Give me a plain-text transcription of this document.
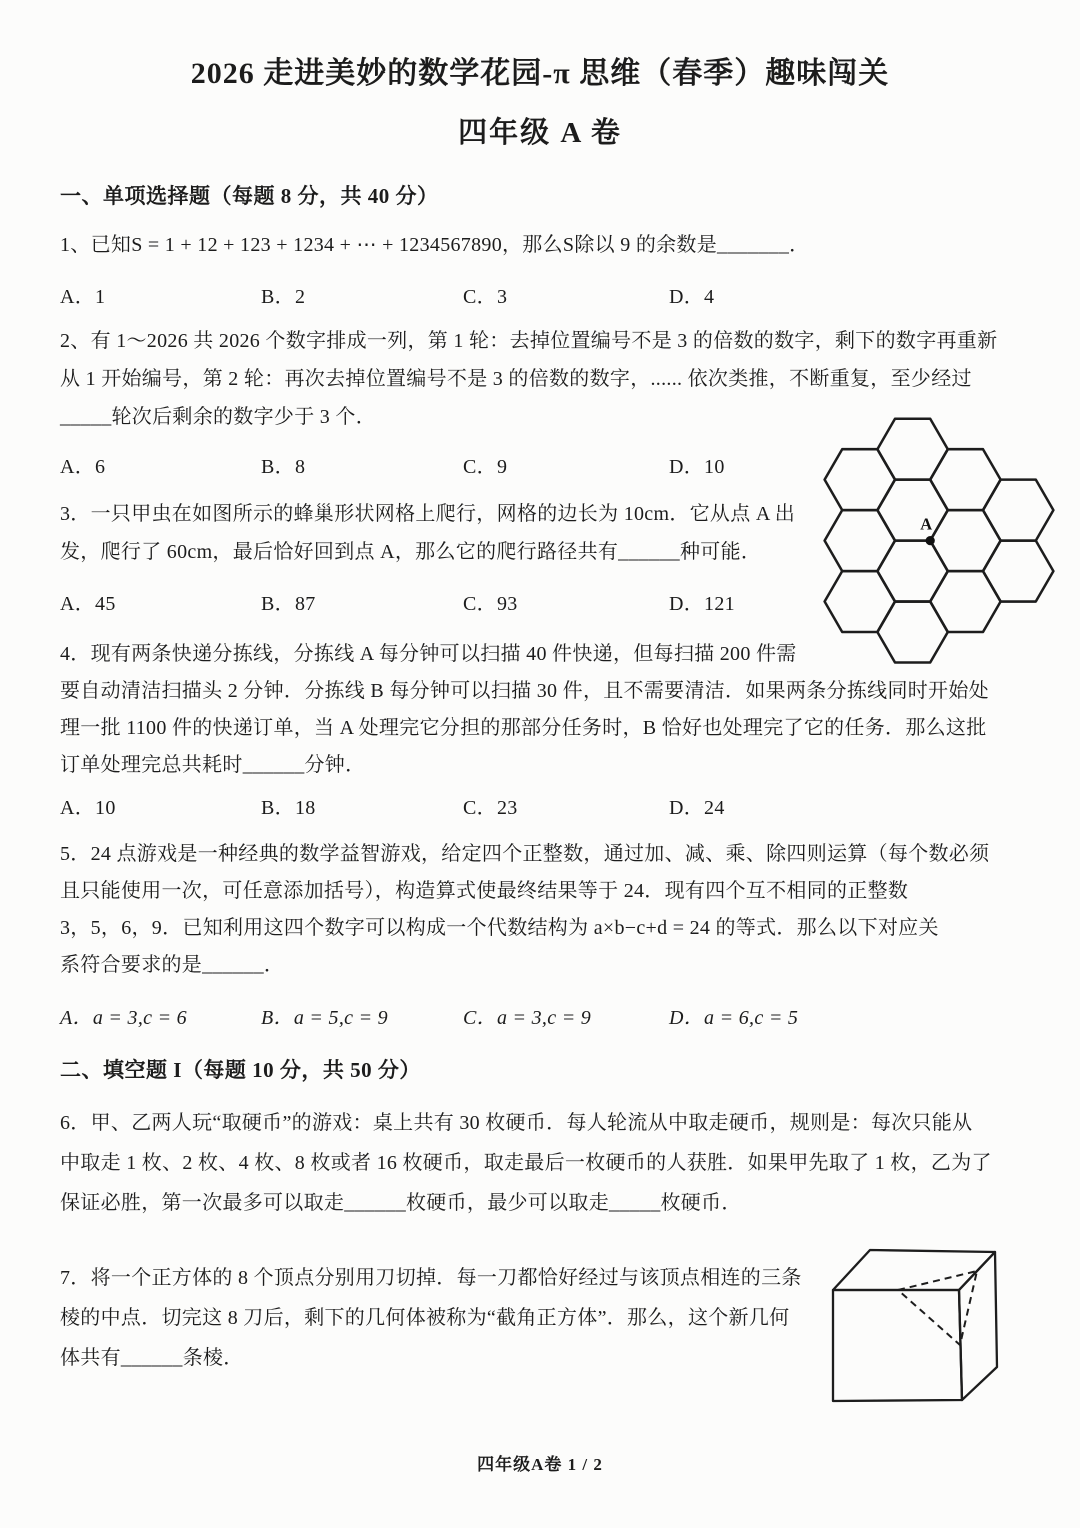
2026 走进美妙的数学花园-π 思维（春季）趣味闯关
四年级 A 卷
一、单项选择题（每题 8 分，共 40 分）
1、已知S = 1 + 12 + 123 + 1234 + ⋯ + 1234567890，那么S除以 9 的余数是_______．
A．1	B．2	C．3	D．4
2、有 1～2026 共 2026 个数字排成一列，第 1 轮：去掉位置编号不是 3 的倍数的数字，剩下的数字再重新
从 1 开始编号，第 2 轮：再次去掉位置编号不是 3 的倍数的数字，...... 依次类推，不断重复，至少经过
_____轮次后剩余的数字少于 3 个．
A．6	B．8	C．9	D．10
A
3．一只甲虫在如图所示的蜂巢形状网格上爬行，网格的边长为 10cm．它从点 A 出
发，爬行了 60cm，最后恰好回到点 A，那么它的爬行路径共有______种可能．
A．45	B．87	C．93	D．121
4．现有两条快递分拣线，分拣线 A 每分钟可以扫描 40 件快递，但每扫描 200 件需
要自动清洁扫描头 2 分钟．分拣线 B 每分钟可以扫描 30 件，且不需要清洁．如果两条分拣线同时开始处
理一批 1100 件的快递订单，当 A 处理完它分担的那部分任务时，B 恰好也处理完了它的任务．那么这批
订单处理完总共耗时______分钟．
A．10	B．18	C．23	D．24
5．24 点游戏是一种经典的数学益智游戏，给定四个正整数，通过加、减、乘、除四则运算（每个数必须
且只能使用一次，可任意添加括号），构造算式使最终结果等于 24．现有四个互不相同的正整数
3，5，6，9．已知利用这四个数字可以构成一个代数结构为 a×b−c+d = 24 的等式．那么以下对应关
系符合要求的是______．
A．a = 3,c = 6	B．a = 5,c = 9	C．a = 3,c = 9	D．a = 6,c = 5
二、填空题 I（每题 10 分，共 50 分）
6．甲、乙两人玩“取硬币”的游戏：桌上共有 30 枚硬币．每人轮流从中取走硬币，规则是：每次只能从
中取走 1 枚、2 枚、4 枚、8 枚或者 16 枚硬币，取走最后一枚硬币的人获胜．如果甲先取了 1 枚，乙为了
保证必胜，第一次最多可以取走______枚硬币，最少可以取走_____枚硬币．
7．将一个正方体的 8 个顶点分别用刀切掉．每一刀都恰好经过与该顶点相连的三条
棱的中点．切完这 8 刀后，剩下的几何体被称为“截角正方体”．那么，这个新几何
体共有______条棱．
四年级A卷 1 / 2
